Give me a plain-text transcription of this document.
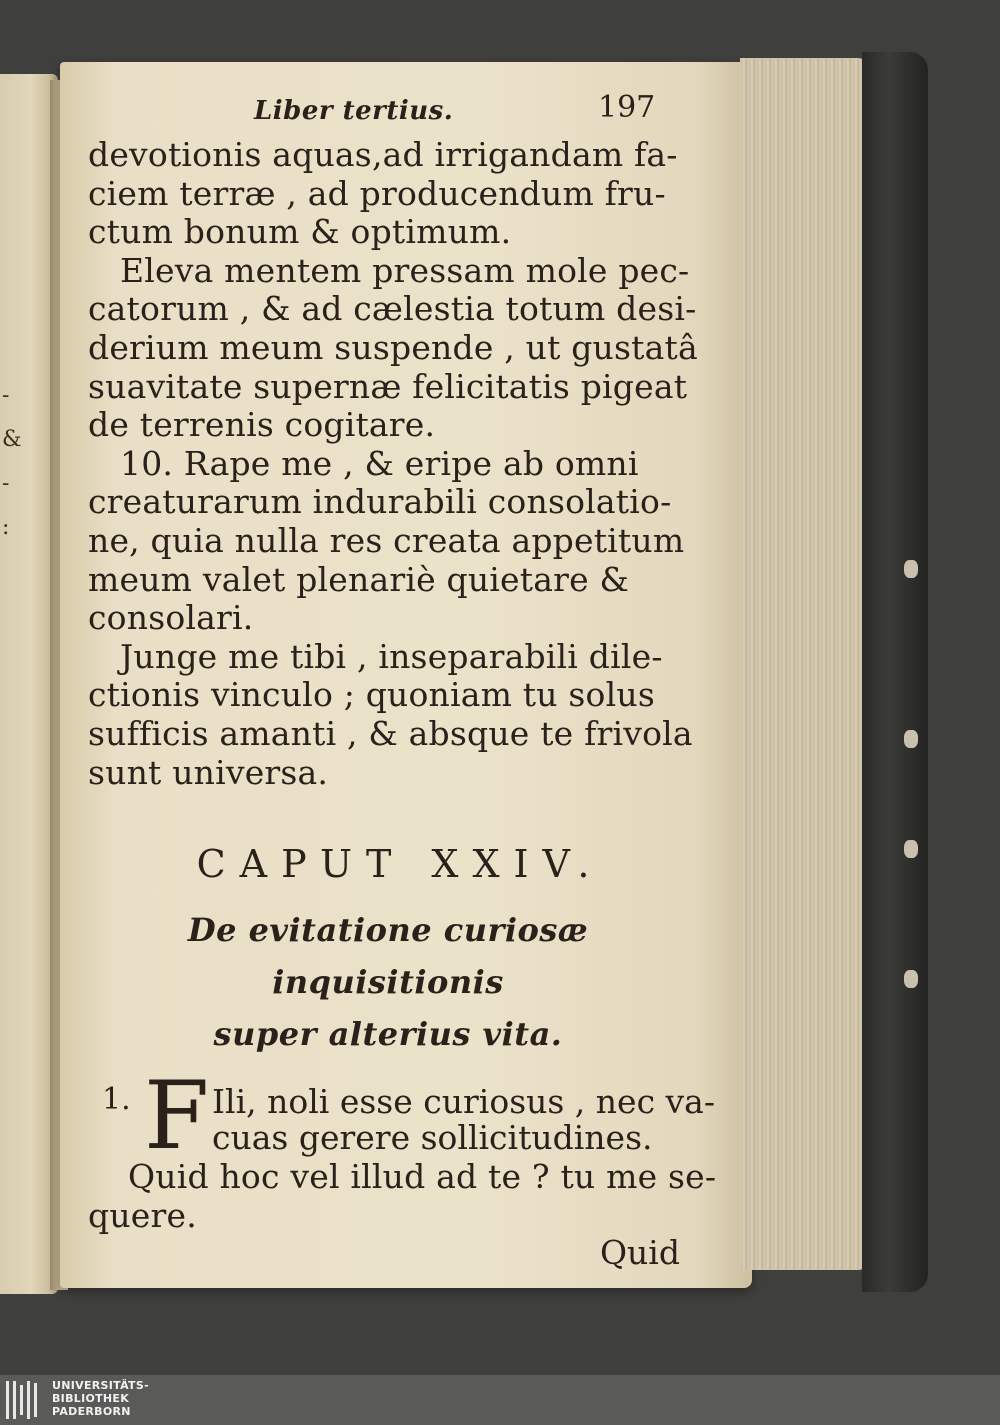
-
&
-
:
Liber tertius.	197
devotionis aquas,ad irrigandam fa-
ciem terræ , ad producendum fru-
ctum bonum & optimum.
Eleva mentem pressam mole pec-
catorum , & ad cælestia totum desi-
derium meum suspende , ut gustatâ
suavitate supernæ felicitatis pigeat
de terrenis cogitare.
10. Rape me , & eripe ab omni
creaturarum indurabili consolatio-
ne, quia nulla res creata appetitum
meum valet plenariè quietare &
consolari.
Junge me tibi , inseparabili dile-
ctionis vinculo ; quoniam tu solus
sufficis amanti , & absque te frivola
sunt universa.
CAPUT XXIV.
De evitatione curiosæ inquisitionis
super alterius vita.
1. F Ili, noli esse curiosus , nec va-
cuas gerere sollicitudines.
Quid hoc vel illud ad te ? tu me se-
quere.
Quid
UNIVERSITÄTS-
BIBLIOTHEK
PADERBORN
